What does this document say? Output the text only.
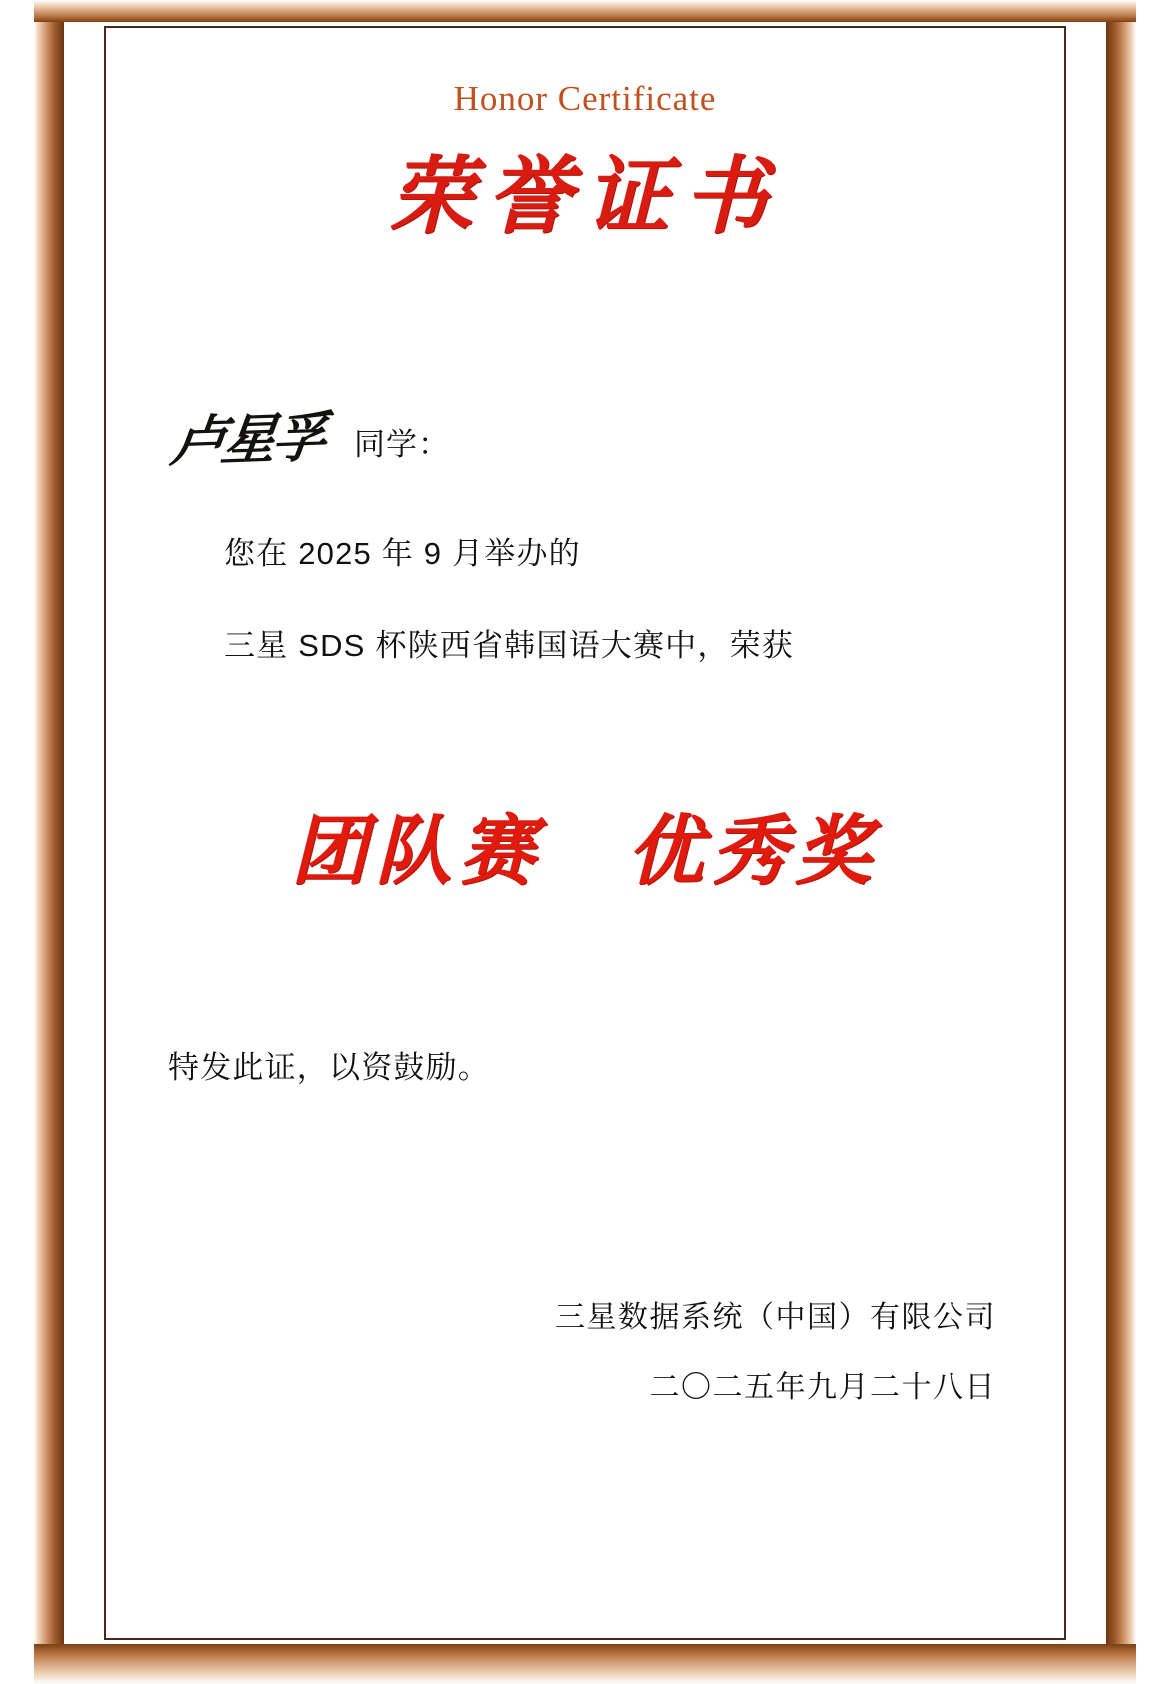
Honor Certificate
荣誉证书
卢星孚 同学：
您在 2025 年 9 月举办的
三星 SDS 杯陕西省韩国语大赛中，荣获
团队赛　优秀奖
特发此证，以资鼓励。
三星数据系统（中国）有限公司
二〇二五年九月二十八日
